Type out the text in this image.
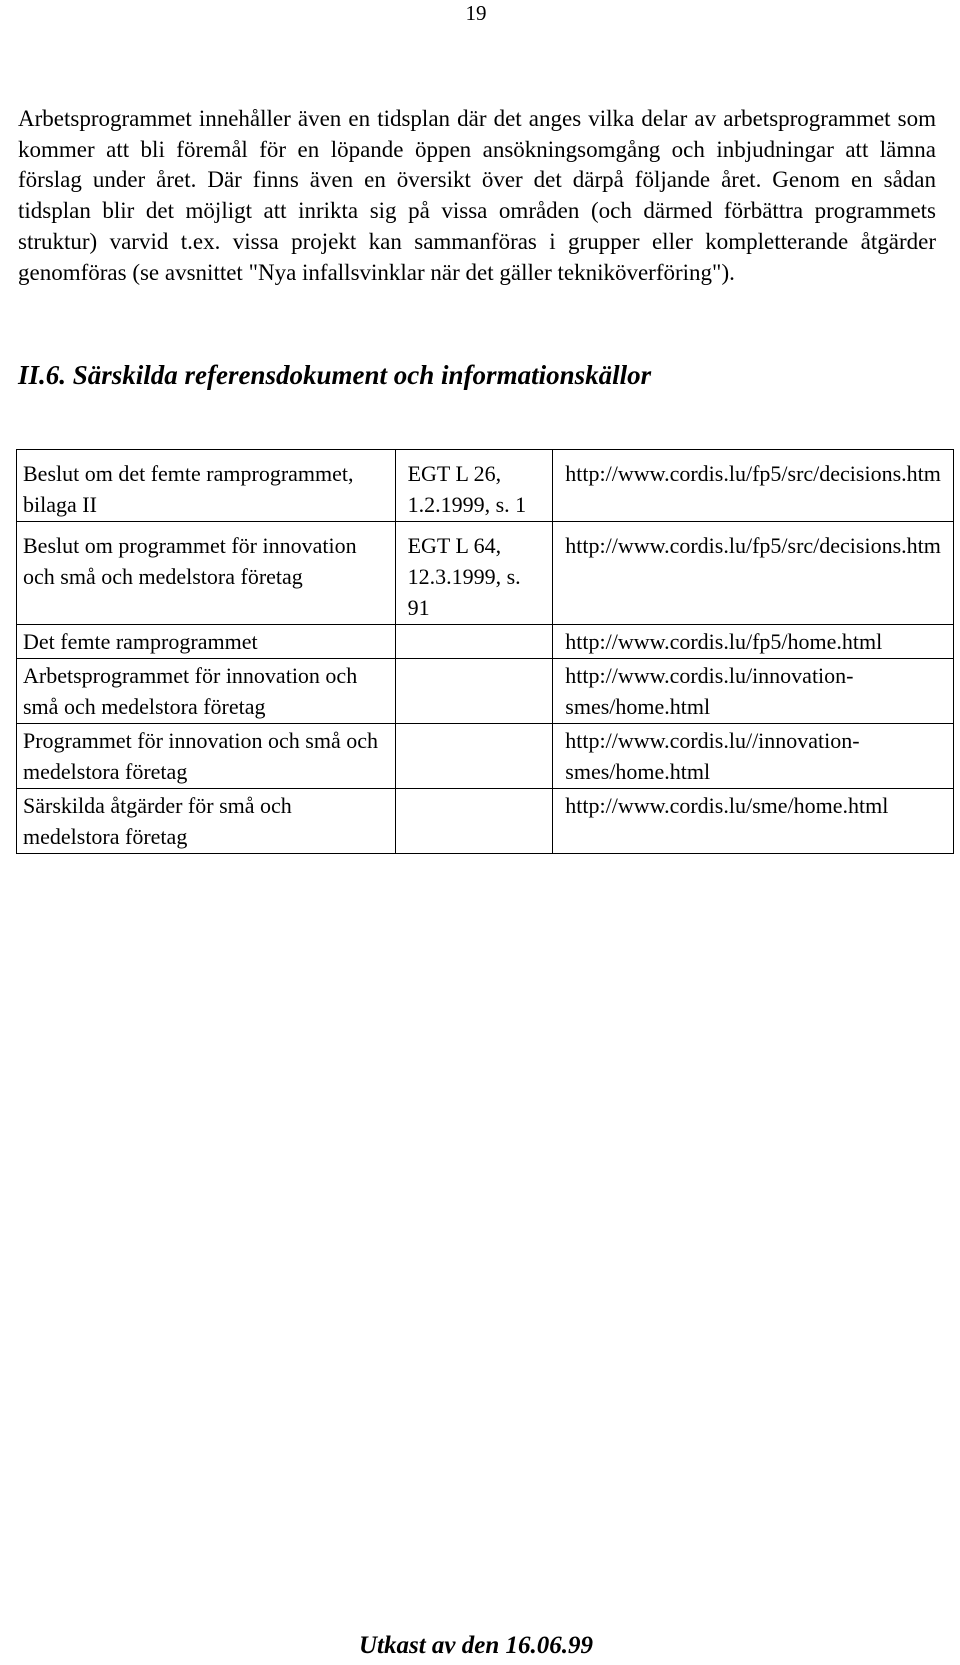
19

Arbetsprogrammet innehåller även en tidsplan där det anges vilka delar av arbetsprogrammet som kommer att bli föremål för en löpande öppen ansökningsomgång och inbjudningar att lämna förslag under året. Där finns även en översikt över det därpå följande året. Genom en sådan tidsplan blir det möjligt att inrikta sig på vissa områden (och därmed förbättra programmets struktur) varvid t.ex. vissa projekt kan sammanföras i grupper eller kompletterande åtgärder genomföras (se avsnittet "Nya infallsvinklar när det gäller tekniköverföring").

II.6. Särskilda referensdokument och informationskällor
Beslut om det femte ramprogrammet, bilaga II	EGT L 26, 1.2.1999, s. 1	http://www.cordis.lu/fp5/src/decisions.htm
Beslut om programmet för innovation och små och medelstora företag	EGT L 64, 12.3.1999, s. 91	http://www.cordis.lu/fp5/src/decisions.htm
Det femte ramprogrammet		http://www.cordis.lu/fp5/home.html
Arbetsprogrammet för innovation och små och medelstora företag		http://www.cordis.lu/innovation-smes/home.html
Programmet för innovation och små och medelstora företag		http://www.cordis.lu//innovation-smes/home.html
Särskilda åtgärder för små och medelstora företag		http://www.cordis.lu/sme/home.html
Utkast av den 16.06.99
